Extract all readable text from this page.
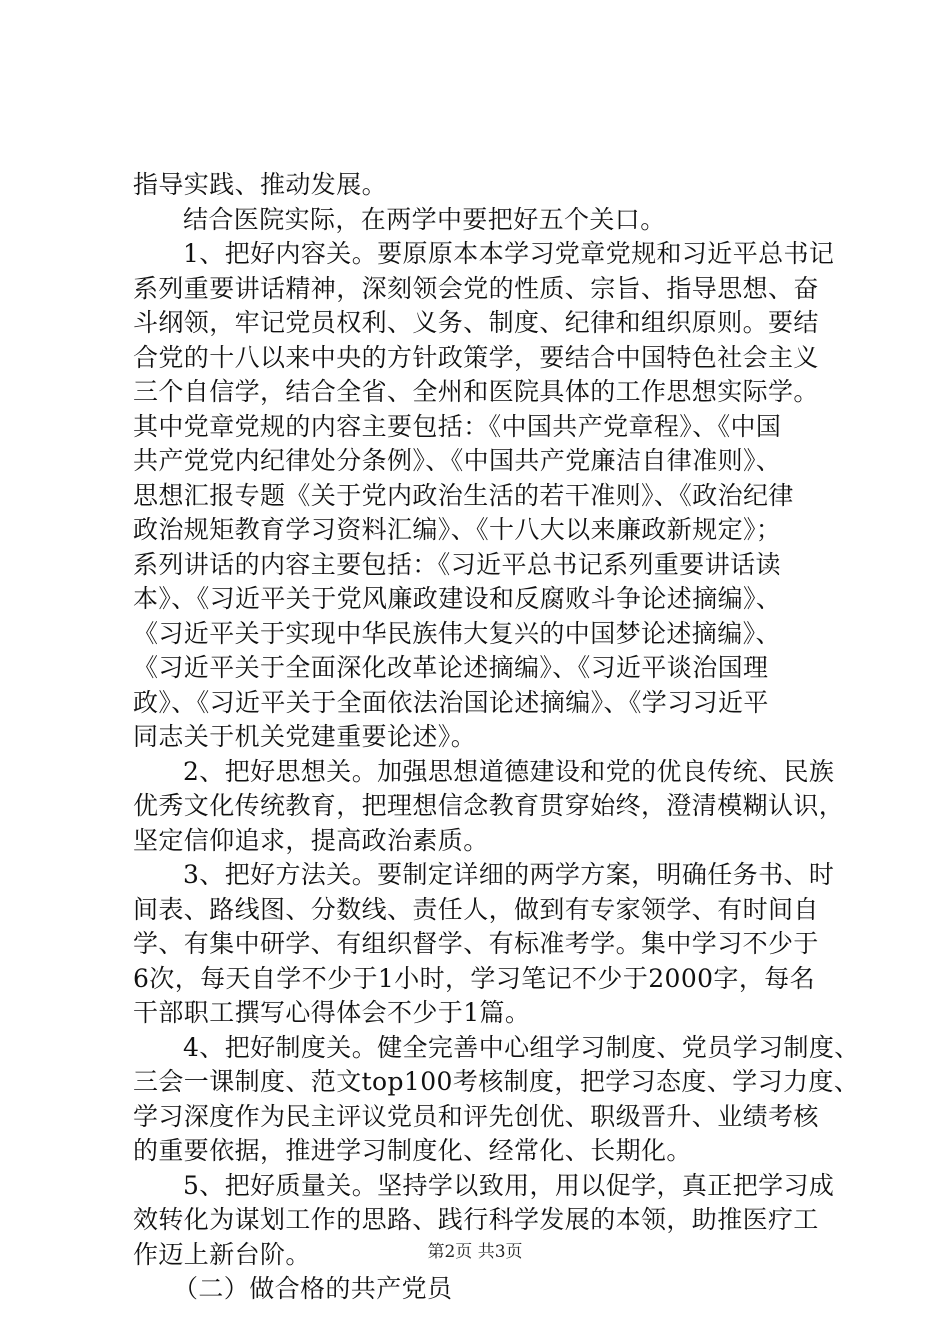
指导实践、推动发展。
结合医院实际，在两学中要把好五个关口。
1、把好内容关。要原原本本学习党章党规和习近平总书记
系列重要讲话精神，深刻领会党的性质、宗旨、指导思想、奋
斗纲领，牢记党员权利、义务、制度、纪律和组织原则。要结
合党的十八以来中央的方针政策学，要结合中国特色社会主义
三个自信学，结合全省、全州和医院具体的工作思想实际学。
其中党章党规的内容主要包括：《中国共产党章程》、《中国
共产党党内纪律处分条例》、《中国共产党廉洁自律准则》、
思想汇报专题《关于党内政治生活的若干准则》、《政治纪律
政治规矩教育学习资料汇编》、《十八大以来廉政新规定》；
系列讲话的内容主要包括：《习近平总书记系列重要讲话读
本》、《习近平关于党风廉政建设和反腐败斗争论述摘编》、
《习近平关于实现中华民族伟大复兴的中国梦论述摘编》、
《习近平关于全面深化改革论述摘编》、《习近平谈治国理
政》、《习近平关于全面依法治国论述摘编》、《学习习近平
同志关于机关党建重要论述》。
2、把好思想关。加强思想道德建设和党的优良传统、民族
优秀文化传统教育，把理想信念教育贯穿始终，澄清模糊认识，
坚定信仰追求，提高政治素质。
3、把好方法关。要制定详细的两学方案，明确任务书、时
间表、路线图、分数线、责任人，做到有专家领学、有时间自
学、有集中研学、有组织督学、有标准考学。集中学习不少于
6次，每天自学不少于1小时，学习笔记不少于2000字，每名
干部职工撰写心得体会不少于1篇。
4、把好制度关。健全完善中心组学习制度、党员学习制度、
三会一课制度、范文top100考核制度，把学习态度、学习力度、
学习深度作为民主评议党员和评先创优、职级晋升、业绩考核
的重要依据，推进学习制度化、经常化、长期化。
5、把好质量关。坚持学以致用，用以促学，真正把学习成
效转化为谋划工作的思路、践行科学发展的本领，助推医疗工
作迈上新台阶。
（二）做合格的共产党员
第2页 共3页
